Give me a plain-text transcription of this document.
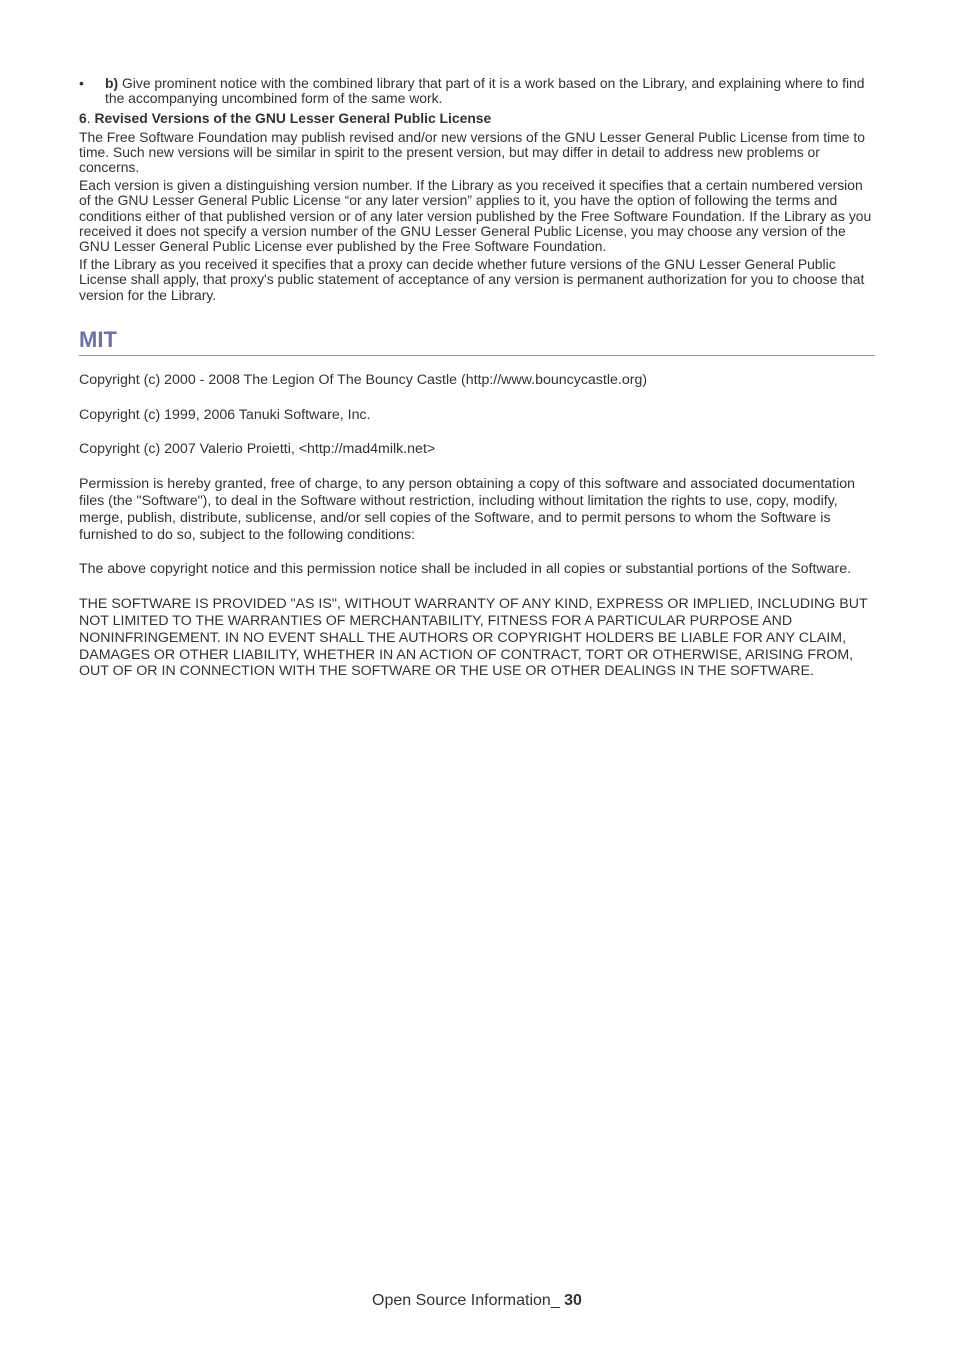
• b) Give prominent notice with the combined library that part of it is a work based on the Library, and explaining where to find the accompanying uncombined form of the same work.

6. Revised Versions of the GNU Lesser General Public License

The Free Software Foundation may publish revised and/or new versions of the GNU Lesser General Public License from time to time. Such new versions will be similar in spirit to the present version, but may differ in detail to address new problems or concerns.

Each version is given a distinguishing version number. If the Library as you received it specifies that a certain numbered version of the GNU Lesser General Public License “or any later version” applies to it, you have the option of following the terms and conditions either of that published version or of any later version published by the Free Software Foundation. If the Library as you received it does not specify a version number of the GNU Lesser General Public License, you may choose any version of the GNU Lesser General Public License ever published by the Free Software Foundation.

If the Library as you received it specifies that a proxy can decide whether future versions of the GNU Lesser General Public License shall apply, that proxy's public statement of acceptance of any version is permanent authorization for you to choose that version for the Library.

MIT

Copyright (c) 2000 - 2008 The Legion Of The Bouncy Castle (http://www.bouncycastle.org)

Copyright (c) 1999, 2006 Tanuki Software, Inc.

Copyright (c) 2007 Valerio Proietti, <http://mad4milk.net>

Permission is hereby granted, free of charge, to any person obtaining a copy of this software and associated documentation files (the "Software"), to deal in the Software without restriction, including without limitation the rights to use, copy, modify, merge, publish, distribute, sublicense, and/or sell copies of the Software, and to permit persons to whom the Software is furnished to do so, subject to the following conditions:

The above copyright notice and this permission notice shall be included in all copies or substantial portions of the Software.

THE SOFTWARE IS PROVIDED "AS IS", WITHOUT WARRANTY OF ANY KIND, EXPRESS OR IMPLIED, INCLUDING BUT NOT LIMITED TO THE WARRANTIES OF MERCHANTABILITY, FITNESS FOR A PARTICULAR PURPOSE AND NONINFRINGEMENT. IN NO EVENT SHALL THE AUTHORS OR COPYRIGHT HOLDERS BE LIABLE FOR ANY CLAIM, DAMAGES OR OTHER LIABILITY, WHETHER IN AN ACTION OF CONTRACT, TORT OR OTHERWISE, ARISING FROM, OUT OF OR IN CONNECTION WITH THE SOFTWARE OR THE USE OR OTHER DEALINGS IN THE SOFTWARE.

Open Source Information_ 30
